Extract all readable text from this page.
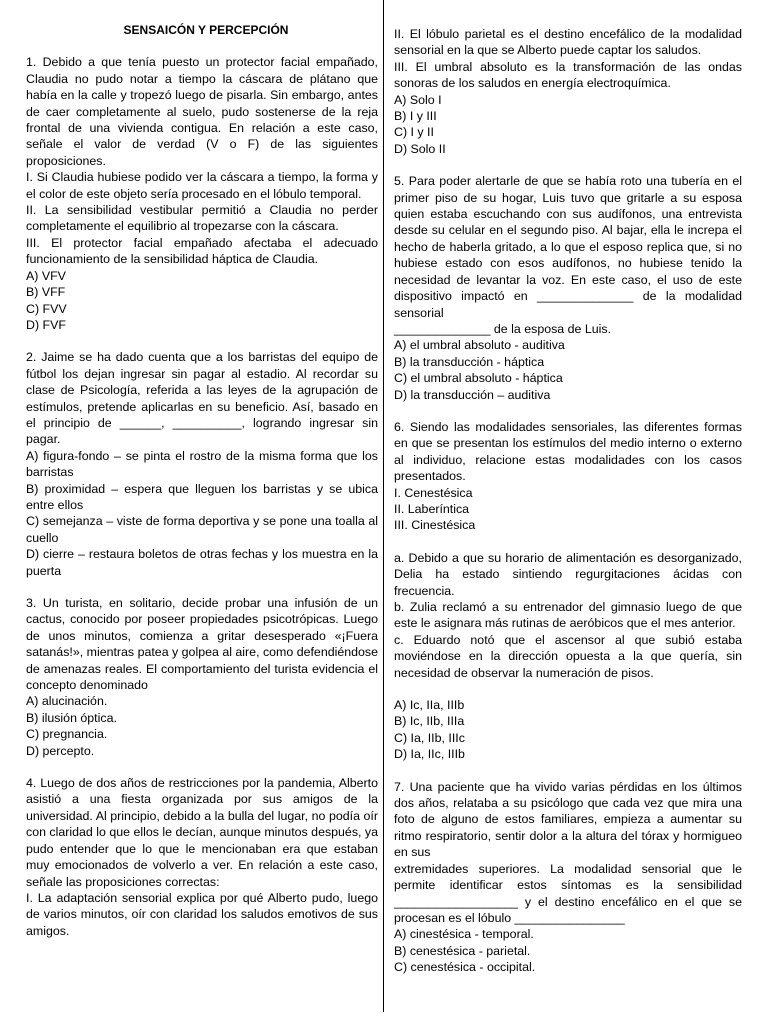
SENSAICÓN Y PERCEPCIÓN

1. Debido a que tenía puesto un protector facial empañado, Claudia no pudo notar a tiempo la cáscara de plátano que había en la calle y tropezó luego de pisarla. Sin embargo, antes de caer completamente al suelo, pudo sostenerse de la reja frontal de una vivienda contigua. En relación a este caso, señale el valor de verdad (V o F) de las siguientes proposiciones.

I. Si Claudia hubiese podido ver la cáscara a tiempo, la forma y el color de este objeto sería procesado en el lóbulo temporal.

II. La sensibilidad vestibular permitió a Claudia no perder completamente el equilibrio al tropezarse con la cáscara.

III. El protector facial empañado afectaba el adecuado funcionamiento de la sensibilidad háptica de Claudia.

A) VFV

B) VFF

C) FVV

D) FVF

2. Jaime se ha dado cuenta que a los barristas del equipo de fútbol los dejan ingresar sin pagar al estadio. Al recordar su clase de Psicología, referida a las leyes de la agrupación de estímulos, pretende aplicarlas en su beneficio. Así, basado en el principio de ______, __________, logrando ingresar sin pagar.

A) figura-fondo – se pinta el rostro de la misma forma que los barristas

B) proximidad – espera que lleguen los barristas y se ubica entre ellos

C) semejanza – viste de forma deportiva y se pone una toalla al cuello

D) cierre – restaura boletos de otras fechas y los muestra en la puerta

3. Un turista, en solitario, decide probar una infusión de un cactus, conocido por poseer propiedades psicotrópicas. Luego de unos minutos, comienza a gritar desesperado «¡Fuera satanás!», mientras patea y golpea al aire, como defendiéndose de amenazas reales. El comportamiento del turista evidencia el concepto denominado

A) alucinación.

B) ilusión óptica.

C) pregnancia.

D) percepto.

4. Luego de dos años de restricciones por la pandemia, Alberto asistió a una fiesta organizada por sus amigos de la universidad. Al principio, debido a la bulla del lugar, no podía oír con claridad lo que ellos le decían, aunque minutos después, ya pudo entender que lo que le mencionaban era que estaban muy emocionados de volverlo a ver. En relación a este caso, señale las proposiciones correctas:

I. La adaptación sensorial explica por qué Alberto pudo, luego de varios minutos, oír con claridad los saludos emotivos de sus amigos.

II. El lóbulo parietal es el destino encefálico de la modalidad sensorial en la que se Alberto puede captar los saludos.

III. El umbral absoluto es la transformación de las ondas sonoras de los saludos en energía electroquímica.

A) Solo I

B) I y III

C) I y II

D) Solo II

5. Para poder alertarle de que se había roto una tubería en el primer piso de su hogar, Luis tuvo que gritarle a su esposa quien estaba escuchando con sus audífonos, una entrevista desde su celular en el segundo piso. Al bajar, ella le increpa el hecho de haberla gritado, a lo que el esposo replica que, si no hubiese estado con esos audífonos, no hubiese tenido la necesidad de levantar la voz. En este caso, el uso de este dispositivo impactó en ______________ de la modalidad sensorial

______________ de la esposa de Luis.

A) el umbral absoluto - auditiva

B) la transducción - háptica

C) el umbral absoluto - háptica

D) la transducción – auditiva

6. Siendo las modalidades sensoriales, las diferentes formas en que se presentan los estímulos del medio interno o externo al individuo, relacione estas modalidades con los casos presentados.

I. Cenestésica

II. Laberíntica

III. Cinestésica

a. Debido a que su horario de alimentación es desorganizado, Delia ha estado sintiendo regurgitaciones ácidas con frecuencia.

b. Zulia reclamó a su entrenador del gimnasio luego de que este le asignara más rutinas de aeróbicos que el mes anterior.

c. Eduardo notó que el ascensor al que subió estaba moviéndose en la dirección opuesta a la que quería, sin necesidad de observar la numeración de pisos.

A) Ic, IIa, IIIb

B) Ic, IIb, IIIa

C) Ia, IIb, IIIc

D) Ia, IIc, IIIb

7. Una paciente que ha vivido varias pérdidas en los últimos dos años, relataba a su psicólogo que cada vez que mira una foto de alguno de estos familiares, empieza a aumentar su ritmo respiratorio, sentir dolor a la altura del tórax y hormigueo en sus

extremidades superiores. La modalidad sensorial que le permite identificar estos síntomas es la sensibilidad __________________ y el destino encefálico en el que se procesan es el lóbulo ________________

A) cinestésica - temporal.

B) cenestésica - parietal.

C) cenestésica - occipital.
